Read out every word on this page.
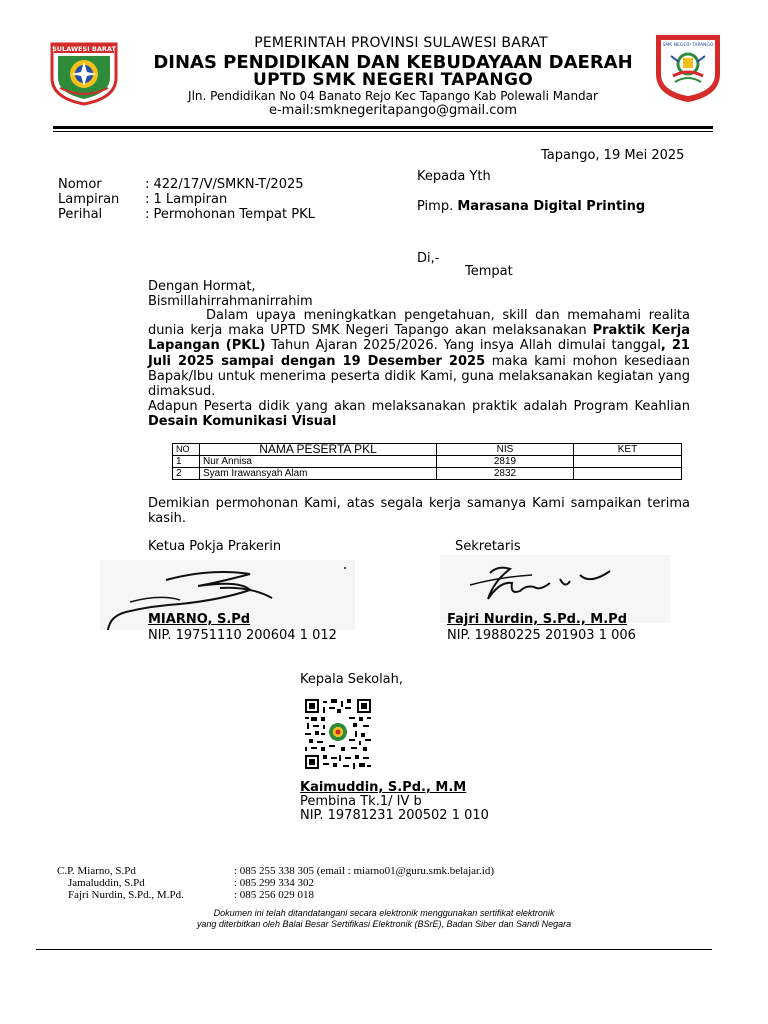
SULAWESI BARAT	SMK NEGERI TAPANGO
PEMERINTAH PROVINSI SULAWESI BARAT
DINAS PENDIDIKAN DAN KEBUDAYAAN DAERAH
UPTD SMK NEGERI TAPANGO
Jln. Pendidikan No 04 Banato Rejo Kec Tapango Kab Polewali Mandar
e-mail:smknegeritapango@gmail.com
Tapango, 19 Mei 2025
Nomor	: 422/17/V/SMKN-T/2025
Lampiran : 1 Lampiran
Perihal	: Permohonan Tempat PKL
Kepada Yth
Pimp. Marasana Digital Printing
Di,-
Tempat
Dengan Hormat,
Bismillahirrahmanirrahim
Dalam upaya meningkatkan pengetahuan, skill dan memahami realita dunia kerja maka UPTD SMK Negeri Tapango akan melaksanakan Praktik Kerja Lapangan (PKL) Tahun Ajaran 2025/2026. Yang insya Allah dimulai tanggal, 21 Juli 2025 sampai dengan 19 Desember 2025 maka kami mohon kesediaan Bapak/Ibu untuk menerima peserta didik Kami, guna melaksanakan kegiatan yang dimaksud.
Adapun Peserta didik yang akan melaksanakan praktik adalah Program Keahlian Desain Komunikasi Visual
NO	NAMA PESERTA PKL	NIS	KET
1	Nur Annisa	2819	
2	Syam Irawansyah Alam	2832	
Demikian permohonan Kami, atas segala kerja samanya Kami sampaikan terima kasih.
Ketua Pokja Prakerin
MIARNO, S.Pd
NIP. 19751110 200604 1 012
Sekretaris
Fajri Nurdin, S.Pd., M.Pd
NIP. 19880225 201903 1 006
Kepala Sekolah,
Kaimuddin, S.Pd., M.M
Pembina Tk.1/ IV b
NIP. 19781231 200502 1 010
C.P. Miarno, S.Pd	: 085 255 338 305 (email : miarno01@guru.smk.belajar.id)
Jamaluddin, S.Pd	: 085 299 334 302
Fajri Nurdin, S.Pd., M.Pd.	: 085 256 029 018
Dokumen ini telah ditandatangani secara elektronik menggunakan sertifikat elektronik
yang diterbitkan oleh Balai Besar Sertifikasi Elektronik (BSrE), Badan Siber dan Sandi Negara
